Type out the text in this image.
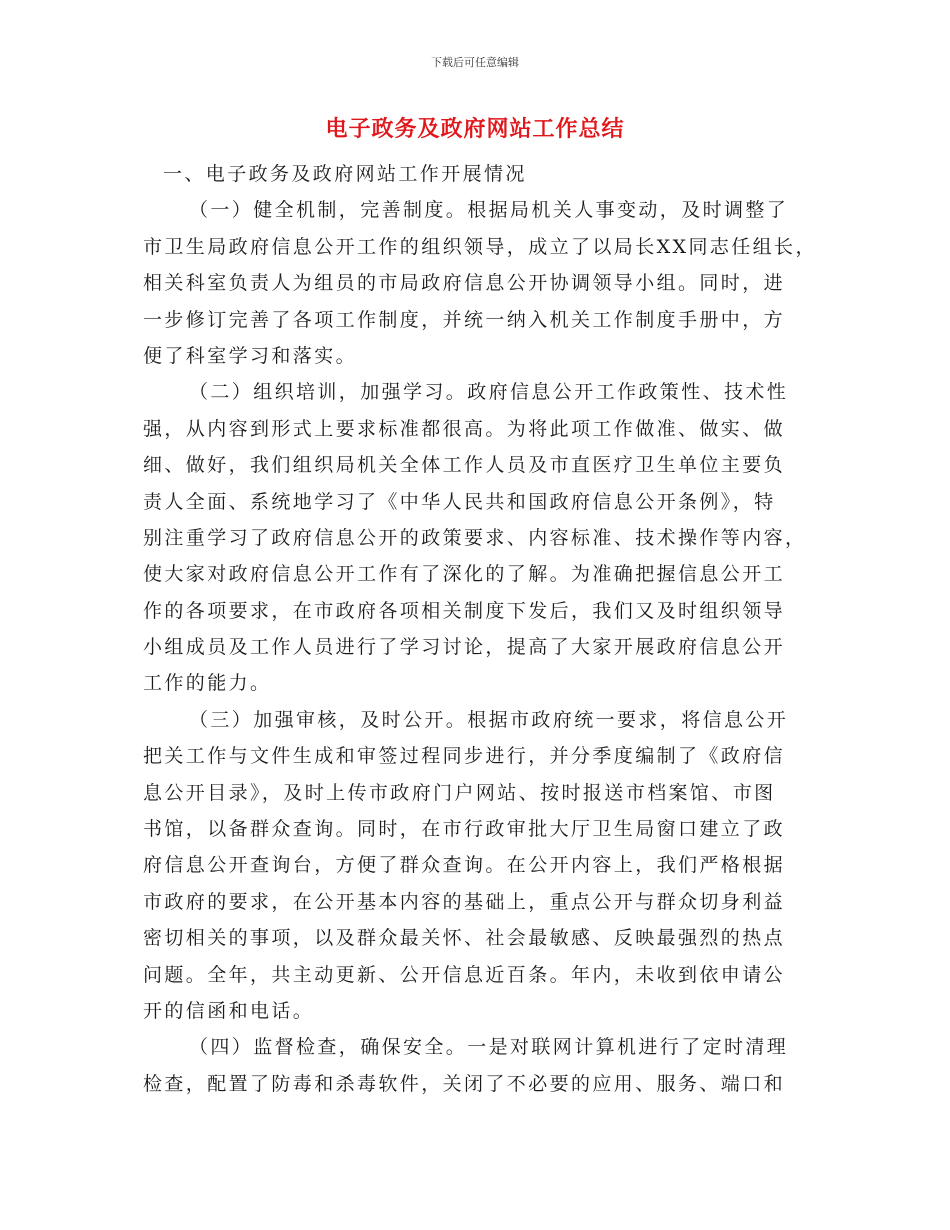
下载后可任意编辑
电子政务及政府网站工作总结
一、电子政务及政府网站工作开展情况
（一）健全机制，完善制度。根据局机关人事变动，及时调整了
市卫生局政府信息公开工作的组织领导，成立了以局长XX同志任组长，
相关科室负责人为组员的市局政府信息公开协调领导小组。同时，进
一步修订完善了各项工作制度，并统一纳入机关工作制度手册中，方
便了科室学习和落实。
（二）组织培训，加强学习。政府信息公开工作政策性、技术性
强，从内容到形式上要求标准都很高。为将此项工作做准、做实、做
细、做好，我们组织局机关全体工作人员及市直医疗卫生单位主要负
责人全面、系统地学习了《中华人民共和国政府信息公开条例》，特
别注重学习了政府信息公开的政策要求、内容标准、技术操作等内容，
使大家对政府信息公开工作有了深化的了解。为准确把握信息公开工
作的各项要求，在市政府各项相关制度下发后，我们又及时组织领导
小组成员及工作人员进行了学习讨论，提高了大家开展政府信息公开
工作的能力。
（三）加强审核，及时公开。根据市政府统一要求，将信息公开
把关工作与文件生成和审签过程同步进行，并分季度编制了《政府信
息公开目录》，及时上传市政府门户网站、按时报送市档案馆、市图
书馆，以备群众查询。同时，在市行政审批大厅卫生局窗口建立了政
府信息公开查询台，方便了群众查询。在公开内容上，我们严格根据
市政府的要求，在公开基本内容的基础上，重点公开与群众切身利益
密切相关的事项，以及群众最关怀、社会最敏感、反映最强烈的热点
问题。全年，共主动更新、公开信息近百条。年内，未收到依申请公
开的信函和电话。
（四）监督检查，确保安全。一是对联网计算机进行了定时清理
检查，配置了防毒和杀毒软件，关闭了不必要的应用、服务、端口和
